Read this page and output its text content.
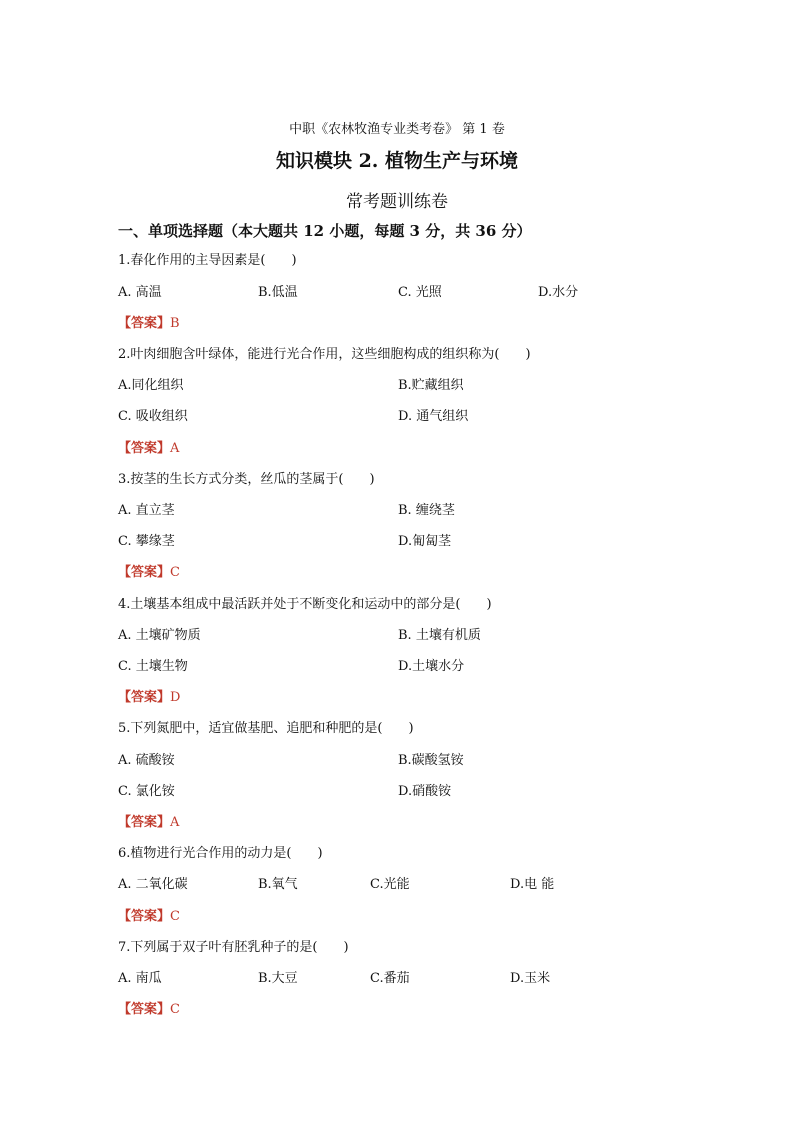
中职《农林牧渔专业类考卷》 第 1 卷
知识模块 2. 植物生产与环境
常考题训练卷
一、单项选择题（本大题共 12 小题，每题 3 分，共 36 分）
1.春化作用的主导因素是(　　)
A. 高温	B.低温	C. 光照	D.水分
【答案】B
2.叶肉细胞含叶绿体，能进行光合作用，这些细胞构成的组织称为(　　)
A.同化组织	B.贮藏组织
C. 吸收组织	D. 通气组织
【答案】A
3.按茎的生长方式分类，丝瓜的茎属于(　　)
A. 直立茎	B. 缠绕茎
C. 攀缘茎	D.匍匐茎
【答案】C
4.土壤基本组成中最活跃并处于不断变化和运动中的部分是(　　)
A. 土壤矿物质	B. 土壤有机质
C. 土壤生物	D.土壤水分
【答案】D
5.下列氮肥中，适宜做基肥、追肥和种肥的是(　　)
A. 硫酸铵	B.碳酸氢铵
C. 氯化铵	D.硝酸铵
【答案】A
6.植物进行光合作用的动力是(　　)
A. 二氧化碳	B.氧气	C.光能	D.电 能
【答案】C
7.下列属于双子叶有胚乳种子的是(　　)
A. 南瓜	B.大豆	C.番茄	D.玉米
【答案】C
